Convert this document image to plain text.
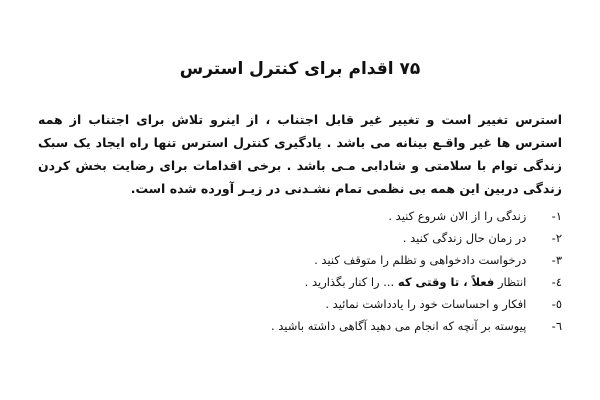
۷۵ اقدام برای کنترل استرس
استرس تغییر است و تغییر غیر قابل اجتناب ، از اینرو تلاش برای اجتناب از همه استرس ها غیر واقـع بینانه می باشد . یادگیری کنترل استرس تنها راه ایجاد یک سبک زندگی توام با سلامتی و شادابی مـی باشد . برخی اقدامات برای رضایت بخش کردن زندگی دربین این همه بی نظمی تمام نشـدنی در زیـر آورده شده است.
۱- زندگی را از الان شروع کنید .
۲- در زمان حال زندگی کنید .
۳- درخواست دادخواهی و تظلم را متوقف کنید .
٤- انتظار فعلاً ، تا وقتی که ... را کنار بگذارید .
٥- افکار و احساسات خود را یادداشت نمائید .
٦- پیوسته بر آنچه که انجام می دهید آگاهی داشته باشید .
